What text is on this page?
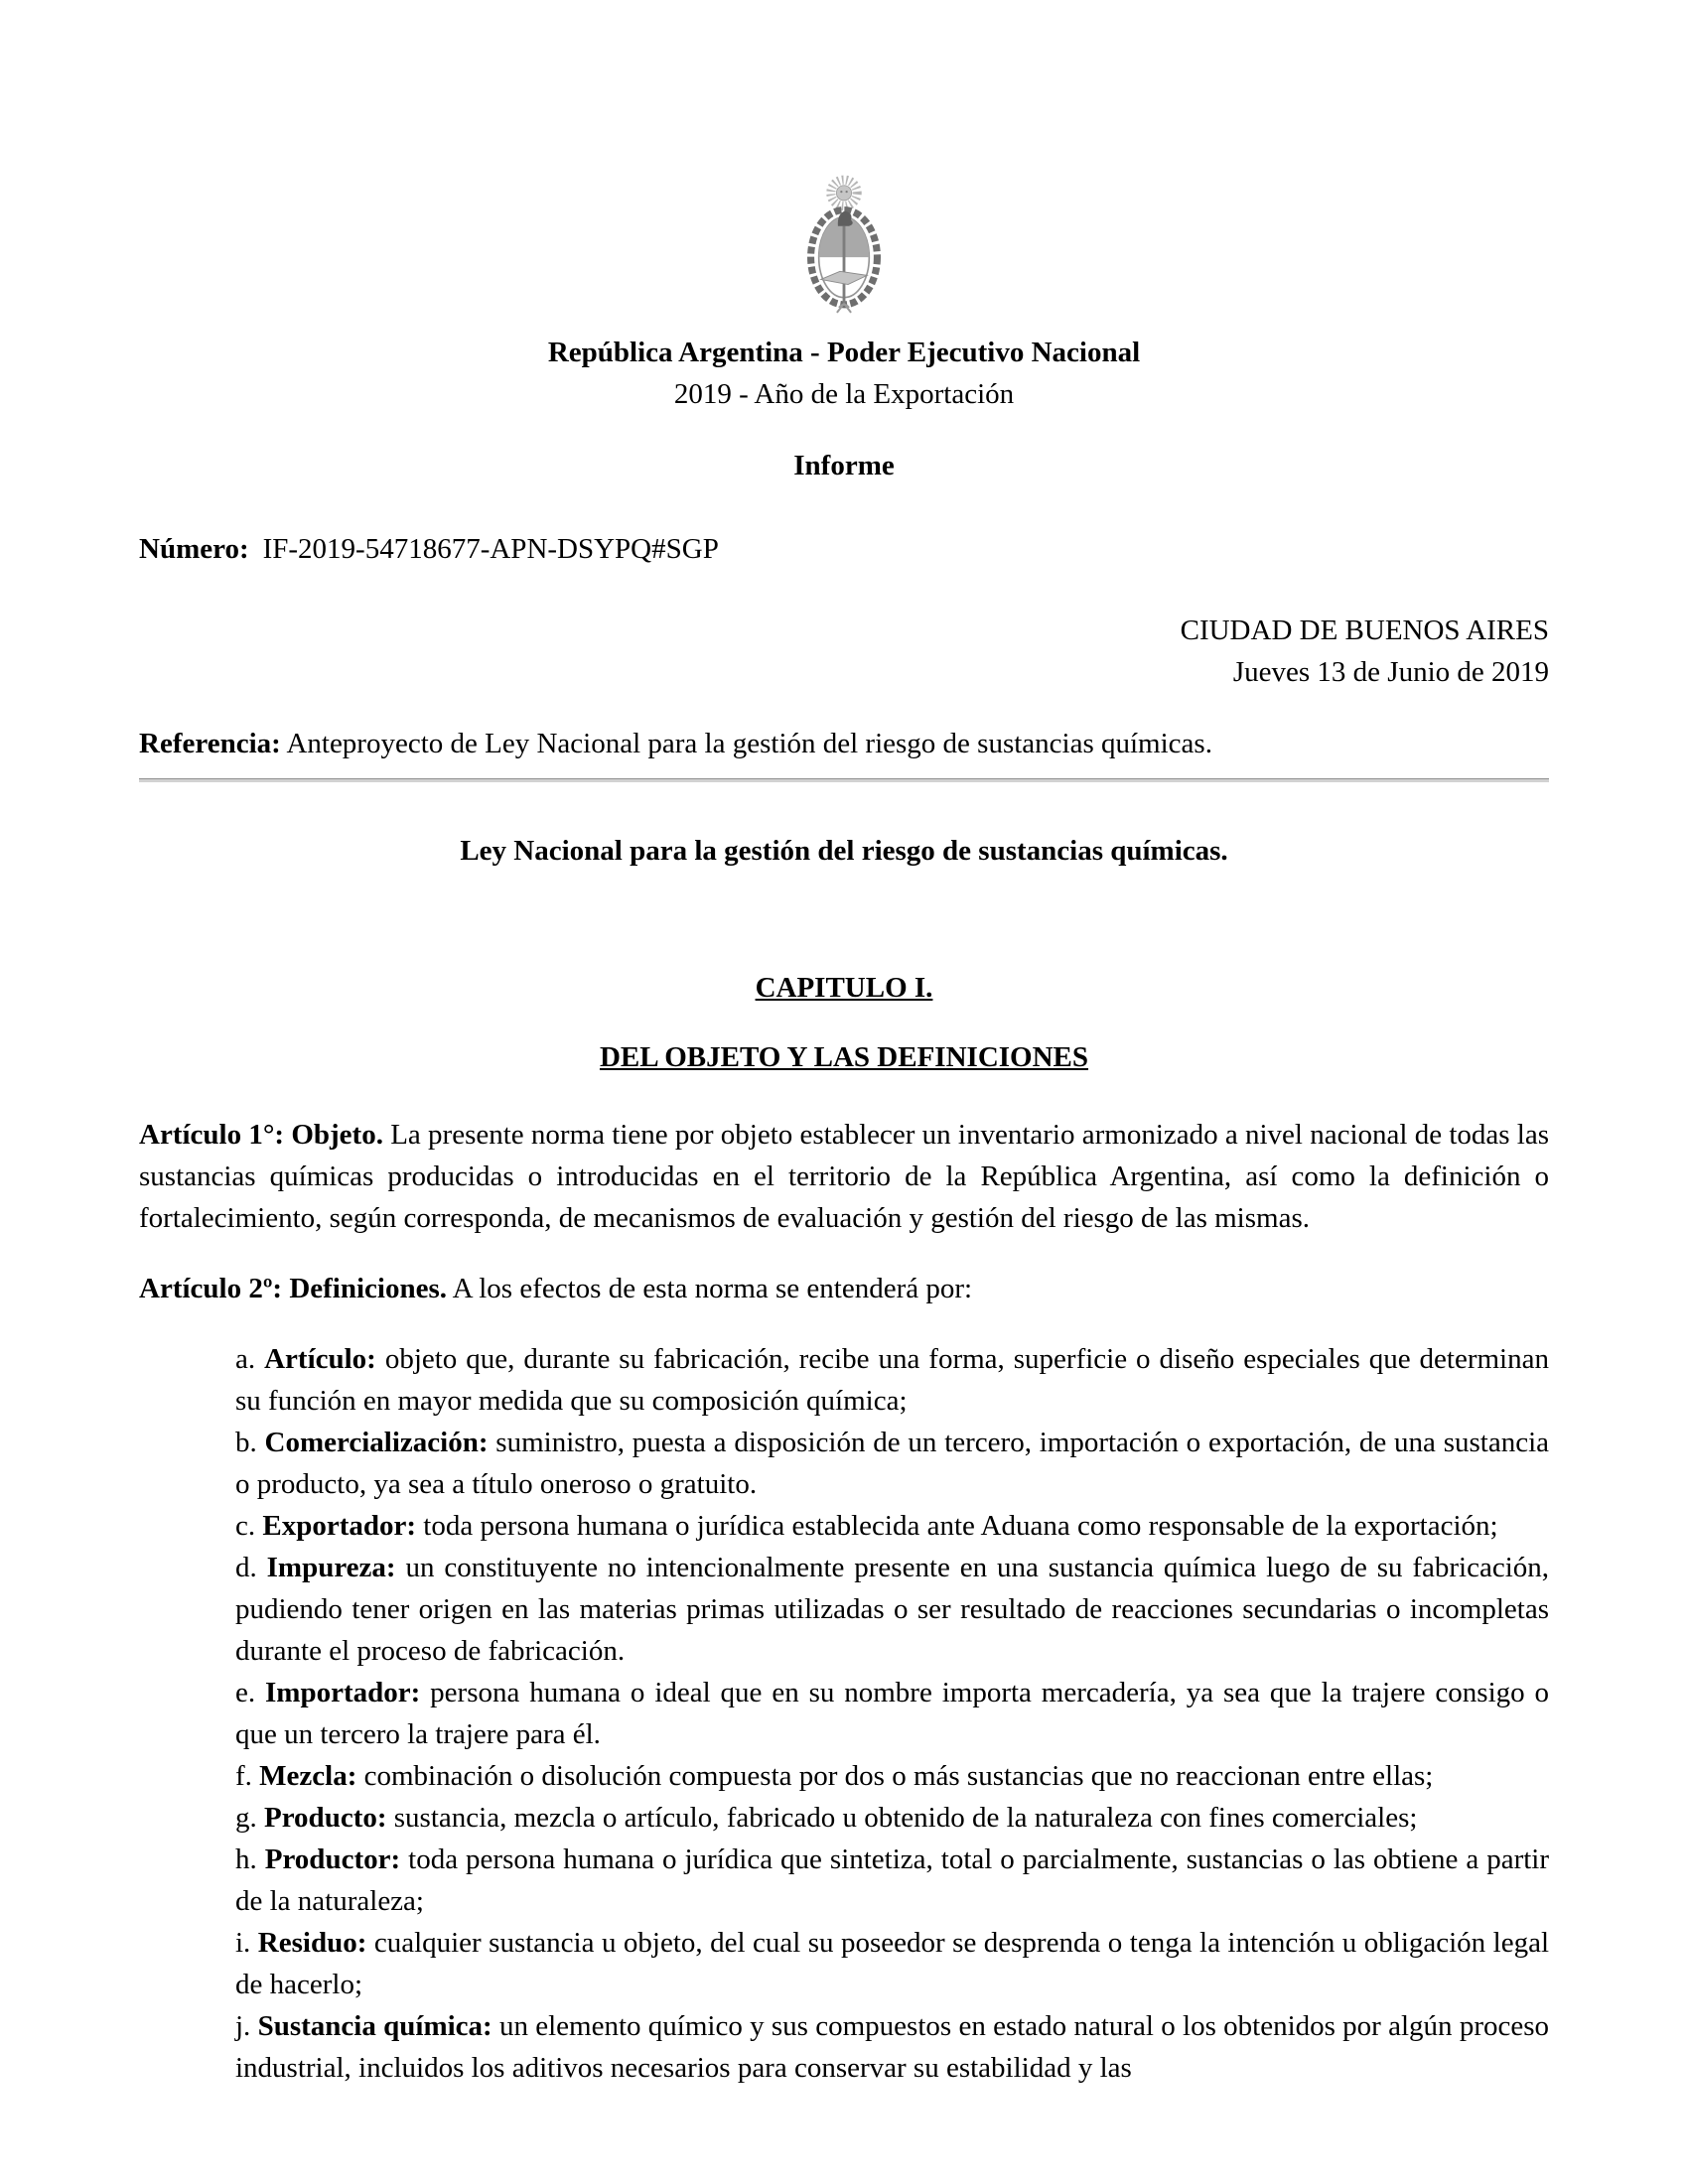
República Argentina - Poder Ejecutivo Nacional
2019 - Año de la Exportación
Informe
Número: IF-2019-54718677-APN-DSYPQ#SGP
CIUDAD DE BUENOS AIRES
Jueves 13 de Junio de 2019
Referencia: Anteproyecto de Ley Nacional para la gestión del riesgo de sustancias químicas.
Ley Nacional para la gestión del riesgo de sustancias químicas.
CAPITULO I.
DEL OBJETO Y LAS DEFINICIONES

Artículo 1°: Objeto. La presente norma tiene por objeto establecer un inventario armonizado a nivel nacional de todas las sustancias químicas producidas o introducidas en el territorio de la República Argentina, así como la definición o fortalecimiento, según corresponda, de mecanismos de evaluación y gestión del riesgo de las mismas.

Artículo 2º: Definiciones. A los efectos de esta norma se entenderá por:

a. Artículo: objeto que, durante su fabricación, recibe una forma, superficie o diseño especiales que determinan su función en mayor medida que su composición química;
b. Comercialización: suministro, puesta a disposición de un tercero, importación o exportación, de una sustancia o producto, ya sea a título oneroso o gratuito.
c. Exportador: toda persona humana o jurídica establecida ante Aduana como responsable de la exportación;
d. Impureza: un constituyente no intencionalmente presente en una sustancia química luego de su fabricación, pudiendo tener origen en las materias primas utilizadas o ser resultado de reacciones secundarias o incompletas durante el proceso de fabricación.
e. Importador: persona humana o ideal que en su nombre importa mercadería, ya sea que la trajere consigo o que un tercero la trajere para él.
f. Mezcla: combinación o disolución compuesta por dos o más sustancias que no reaccionan entre ellas;
g. Producto: sustancia, mezcla o artículo, fabricado u obtenido de la naturaleza con fines comerciales;
h. Productor: toda persona humana o jurídica que sintetiza, total o parcialmente, sustancias o las obtiene a partir de la naturaleza;
i. Residuo: cualquier sustancia u objeto, del cual su poseedor se desprenda o tenga la intención u obligación legal de hacerlo;
j. Sustancia química: un elemento químico y sus compuestos en estado natural o los obtenidos por algún proceso industrial, incluidos los aditivos necesarios para conservar su estabilidad y las
